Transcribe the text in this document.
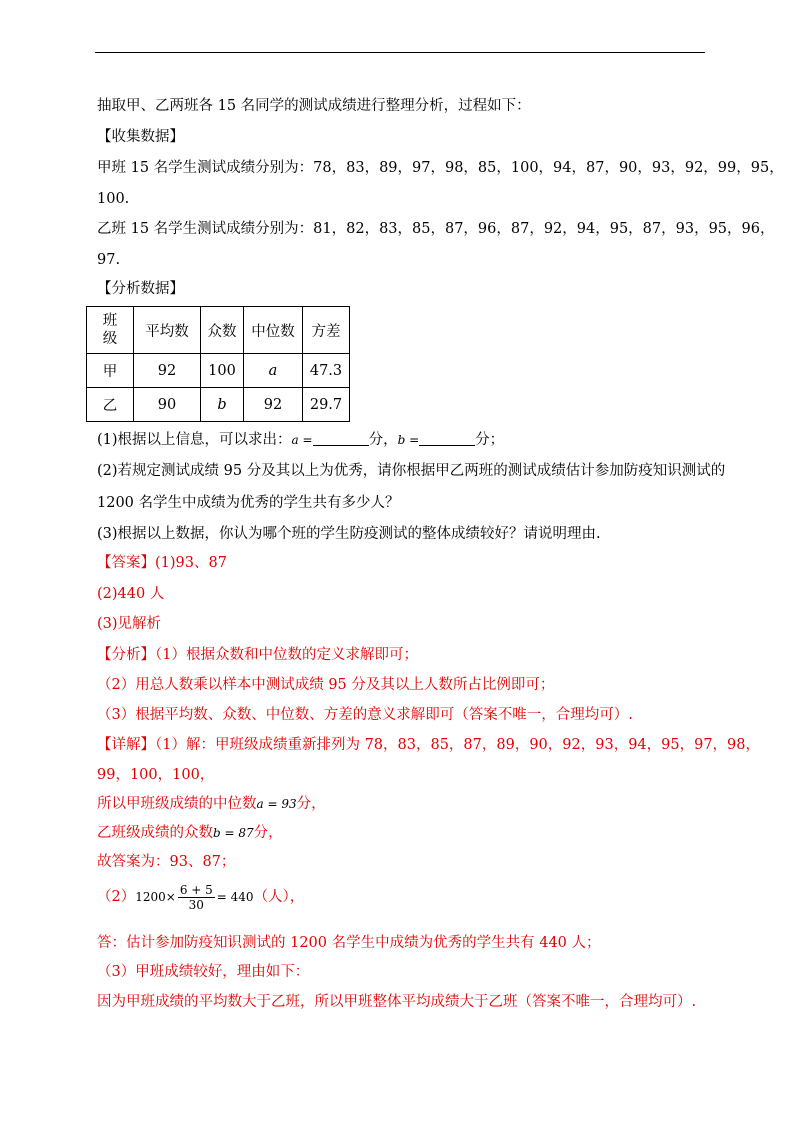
抽取甲、乙两班各 15 名同学的测试成绩进行整理分析，过程如下：
【收集数据】
甲班 15 名学生测试成绩分别为：78，83，89，97，98，85，100，94，87，90，93，92，99，95，
100.
乙班 15 名学生测试成绩分别为：81，82，83，85，87，96，87，92，94，95，87，93，95，96，
97.
【分析数据】
班
级	平均数	众数	中位数	方差
甲	92	100	a	47.3
乙	90	b	92	29.7
(1)根据以上信息，可以求出：a =	分，b =	分；
(2)若规定测试成绩 95 分及其以上为优秀，请你根据甲乙两班的测试成绩估计参加防疫知识测试的
1200 名学生中成绩为优秀的学生共有多少人？
(3)根据以上数据，你认为哪个班的学生防疫测试的整体成绩较好？请说明理由.
【答案】(1)93、87
(2)440 人
(3)见解析
【分析】（1）根据众数和中位数的定义求解即可；
（2）用总人数乘以样本中测试成绩 95 分及其以上人数所占比例即可；
（3）根据平均数、众数、中位数、方差的意义求解即可（答案不唯一，合理均可）.
【详解】（1）解：甲班级成绩重新排列为 78，83，85，87，89，90，92，93，94，95，97，98，
99，100，100，
所以甲班级成绩的中位数a = 93分，
乙班级成绩的众数b = 87分，
故答案为：93、87；
$(2)1200\times \frac{6 + 5}{30} = 440$（人），
答：估计参加防疫知识测试的 1200 名学生中成绩为优秀的学生共有 440 人；
（3）甲班成绩较好，理由如下：
因为甲班成绩的平均数大于乙班，所以甲班整体平均成绩大于乙班（答案不唯一，合理均可）.
